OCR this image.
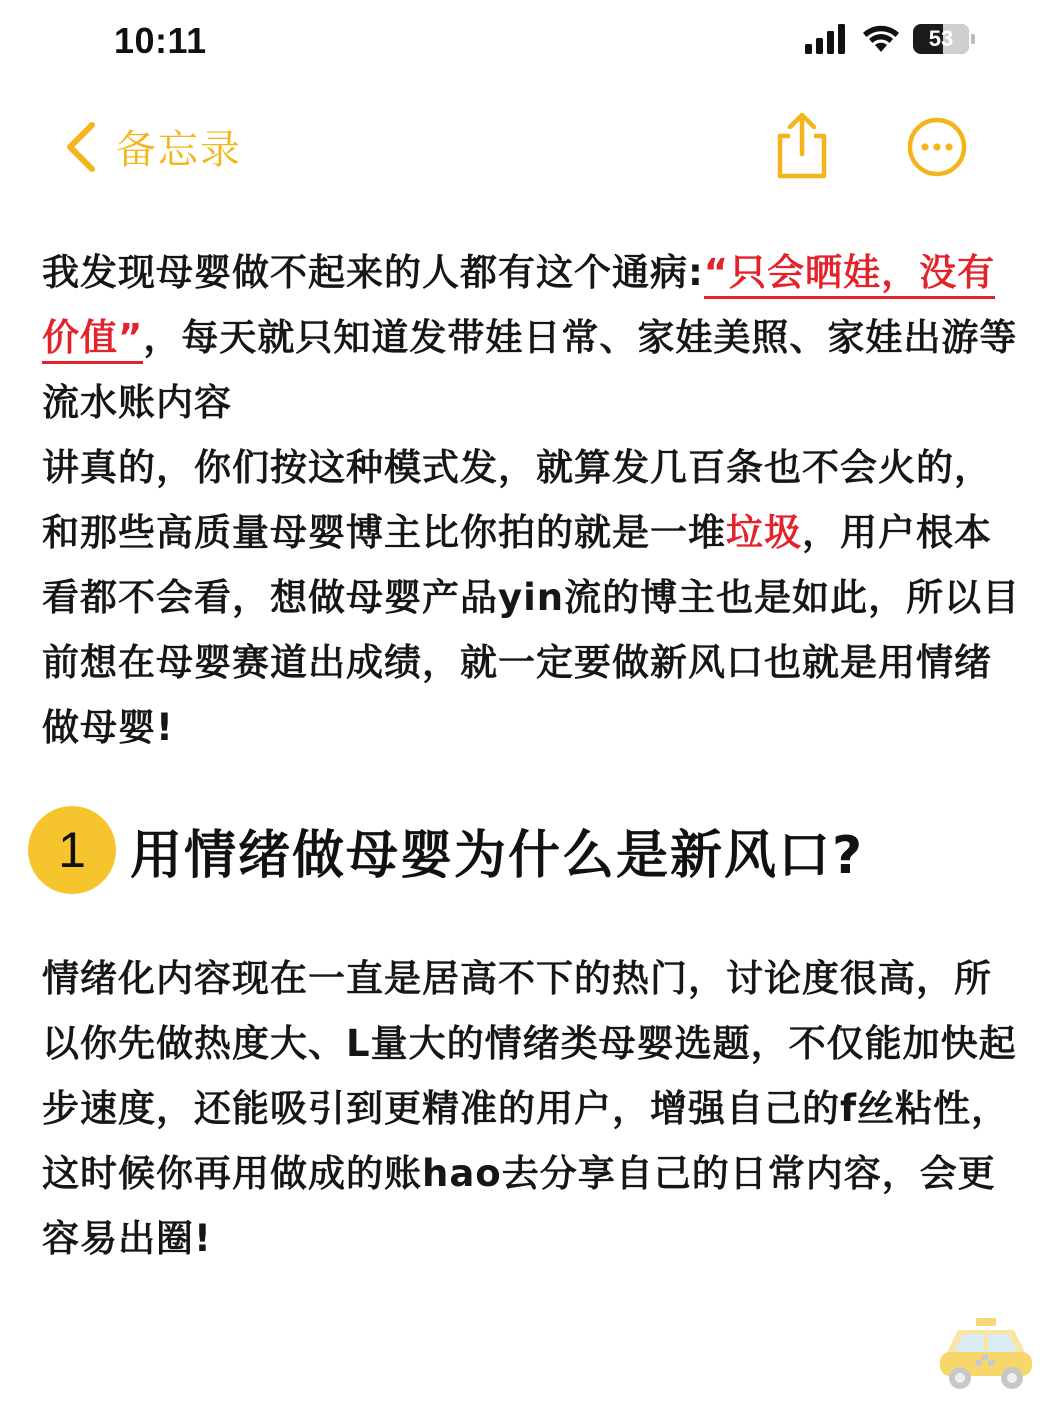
10:11	53
备忘录

我发现母婴做不起来的人都有这个通病:“只会晒娃，没有价值”，每天就只知道发带娃日常、家娃美照、家娃出游等流水账内容

讲真的，你们按这种模式发，就算发几百条也不会火的，和那些高质量母婴博主比你拍的就是一堆垃圾，用户根本看都不会看，想做母婴产品yin流的博主也是如此，所以目前想在母婴赛道出成绩，就一定要做新风口也就是用情绪做母婴!

1 用情绪做母婴为什么是新风口?

情绪化内容现在一直是居高不下的热门，讨论度很高，所以你先做热度大、L量大的情绪类母婴选题，不仅能加快起步速度，还能吸引到更精准的用户，增强自己的f丝粘性，这时候你再用做成的账hao去分享自己的日常内容，会更容易出圈!
